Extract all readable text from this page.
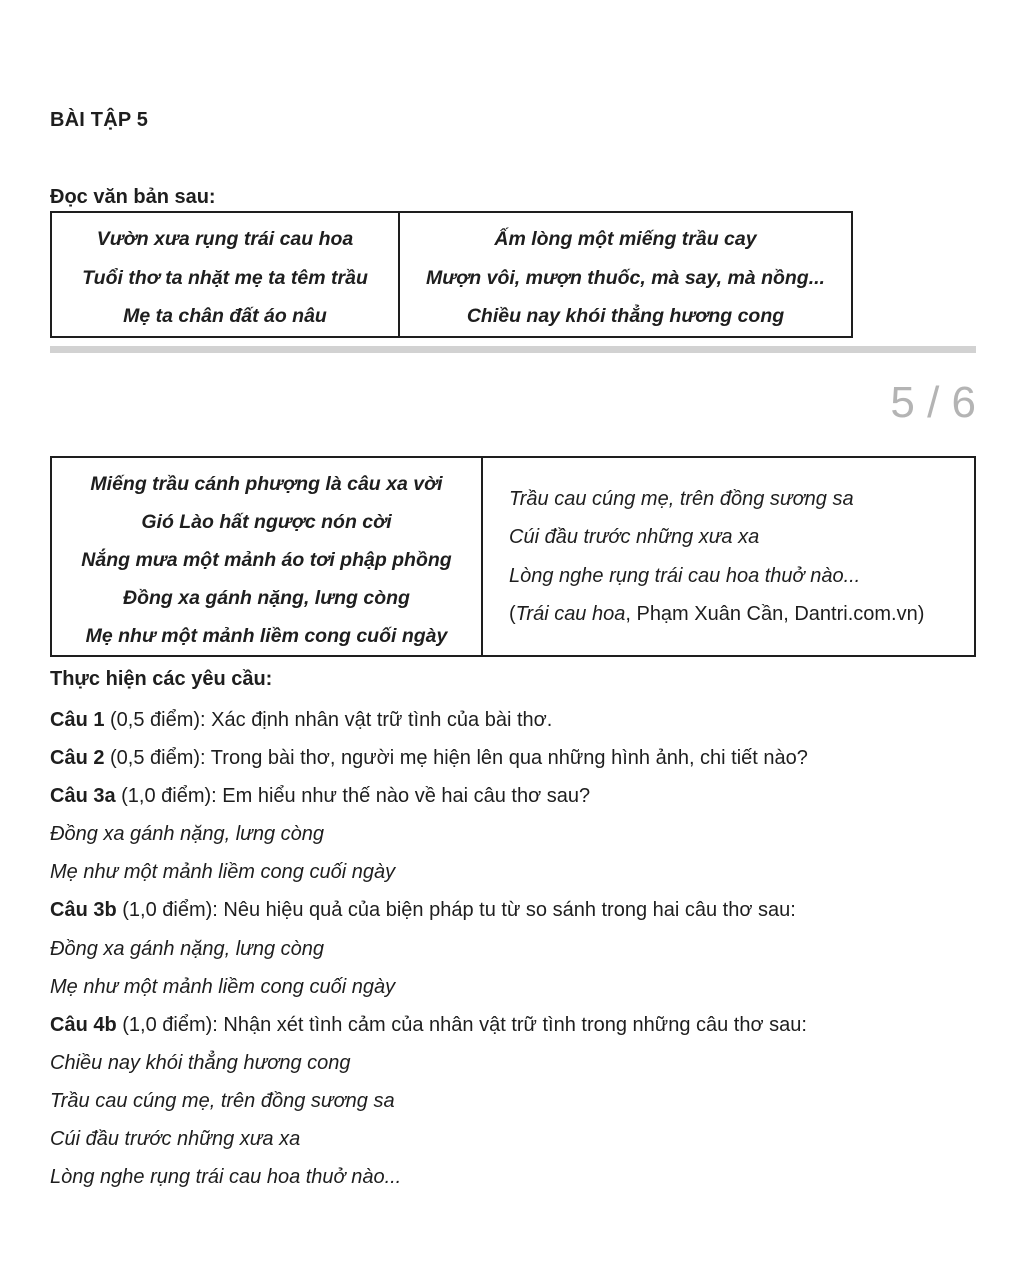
BÀI TẬP 5
Đọc văn bản sau:
Vườn xưa rụng trái cau hoa
Tuổi thơ ta nhặt mẹ ta têm trầu
Mẹ ta chân đất áo nâu

Ấm lòng một miếng trầu cay
Mượn vôi, mượn thuốc, mà say, mà nồng...
Chiều nay khói thẳng hương cong
5 / 6
Miếng trầu cánh phượng là câu xa vời
Gió Lào hất ngược nón cời
Nắng mưa một mảnh áo tơi phập phồng
Đồng xa gánh nặng, lưng còng
Mẹ như một mảnh liềm cong cuối ngày

Trầu cau cúng mẹ, trên đồng sương sa
Cúi đầu trước những xưa xa
Lòng nghe rụng trái cau hoa thuở nào...
(Trái cau hoa, Phạm Xuân Cần, Dantri.com.vn)
Thực hiện các yêu cầu:
Câu 1 (0,5 điểm): Xác định nhân vật trữ tình của bài thơ.
Câu 2 (0,5 điểm): Trong bài thơ, người mẹ hiện lên qua những hình ảnh, chi tiết nào?
Câu 3a (1,0 điểm): Em hiểu như thế nào về hai câu thơ sau?
Đồng xa gánh nặng, lưng còng
Mẹ như một mảnh liềm cong cuối ngày
Câu 3b (1,0 điểm): Nêu hiệu quả của biện pháp tu từ so sánh trong hai câu thơ sau:
Đồng xa gánh nặng, lưng còng
Mẹ như một mảnh liềm cong cuối ngày
Câu 4b (1,0 điểm): Nhận xét tình cảm của nhân vật trữ tình trong những câu thơ sau:
Chiều nay khói thẳng hương cong
Trầu cau cúng mẹ, trên đồng sương sa
Cúi đầu trước những xưa xa
Lòng nghe rụng trái cau hoa thuở nào...
